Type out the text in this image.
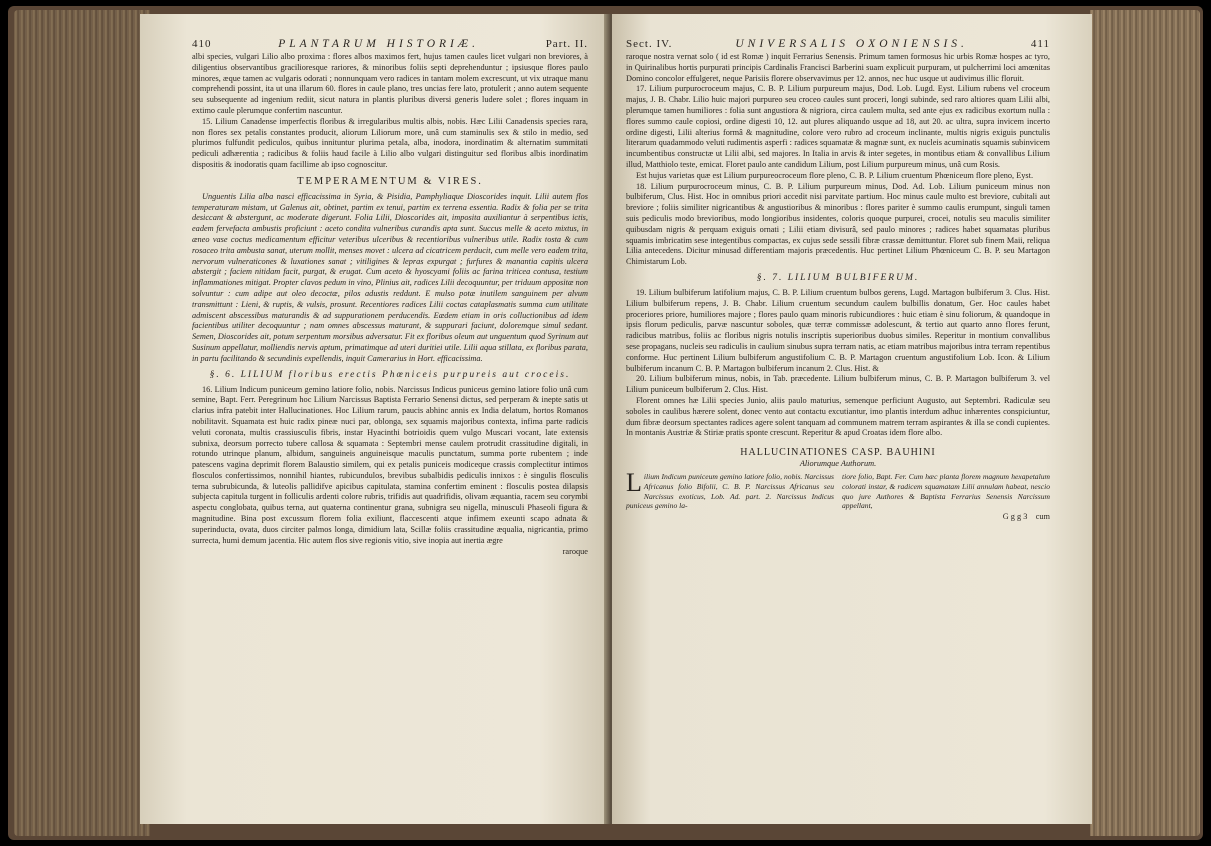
410	PLANTARUM HISTORIÆ.	Part. II.

albi species, vulgari Lilio albo proxima : flores albos maximos fert, hujus tamen caules licet vulgari non breviores, à diligentius observantibus gracilioresque rariores, & minoribus foliis septi deprehenduntur ; ipsiusque flores paulo minores, æque tamen ac vulgaris odorati ; nonnunquam vero radices in tantam molem excrescunt, ut vix utraque manu comprehendi possint, ita ut una illarum 60. flores in caule plano, tres uncias fere lato, protulerit ; anno autem sequente seu subsequente ad ingenium rediit, sicut natura in plantis pluribus diversi generis ludere solet ; flores inquam in extimo caule plerumque confertim nascuntur.

15. Lilium Canadense imperfectis floribus & irregularibus multis albis, nobis. Hæc Lilii Canadensis species rara, non flores sex petalis constantes producit, aliorum Liliorum more, unâ cum staminulis sex & stilo in medio, sed plurimos fulfundit pediculos, quibus innituntur plurima petala, alba, inodora, inordinatim & alternatim summitati pediculi adhærentia ; radicibus & foliis haud facile à Lilio albo vulgari distinguitur sed floribus albis inordinatim dispositis & inodoratis quam facillime ab ipso cognoscitur.

TEMPERAMENTUM & VIRES.

Unguentis Lilia alba nasci efficacissima in Syria, & Pisidia, Pamphyliaque Dioscorides inquit. Lilii autem flos temperaturam mistam, ut Galenus ait, obtinet, partim ex tenui, partim ex terrena essentia. Radix & folia per se trita desiccant & abstergunt, ac moderate digerunt. Folia Lilii, Dioscorides ait, imposita auxiliantur à serpentibus ictis, eadem fervefacta ambustis proficiunt : aceto condita vulneribus curandis apta sunt. Succus melle & aceto mixtus, in æneo vase coctus medicamentum efficitur veteribus ulceribus & recentioribus vulneribus utile. Radix tosta & cum rosaceo trita ambusta sanat, uterum mollit, menses movet : ulcera ad cicatricem perducit, cum melle vero eadem trita, nervorum vulneraticones & luxationes sanat ; vitiligines & lepras expurgat ; furfures & manantia capitis ulcera abstergit ; faciem nitidam facit, purgat, & erugat. Cum aceto & hyoscyami foliis ac farina triticea contusa, testium inflammationes mitigat. Propter clavos pedum in vino, Plinius ait, radices Lilii decoquuntur, per triduum appositæ non solvuntur : cum adipe aut oleo decoctæ, pilos adustis reddunt. E mulso potæ inutilem sanguinem per alvum transmittunt : Lieni, & ruptis, & vulsis, prosunt. Recentiores radices Lilii coctas cataplasmatis summa cum utilitate admiscent abscessibus maturandis & ad suppurationem perducendis. Eædem etiam in oris colluctionibus ad idem facientibus utiliter decoquuntur ; nam omnes abscessus maturant, & suppurari faciunt, doloremque simul sedant. Semen, Dioscorides ait, potum serpentum morsibus adversatur. Fit ex floribus oleum aut unguentum quod Syrinum aut Susinum appellatur, molliendis nervis aptum, primatimque ad uteri duritiei utile. Lilii aqua stillata, ex floribus parata, in partu facilitando & secundinis expellendis, inquit Camerarius in Hort. efficacissima.

§. 6. LILIUM floribus erectis Phœniceis purpureis aut croceis.

16. Lilium Indicum puniceum gemino latiore folio, nobis. Narcissus Indicus puniceus gemino latiore folio unâ cum semine, Bapt. Ferr. Peregrinum hoc Lilium Narcissus Baptista Ferrario Senensi dictus, sed perperam & inepte satis ut clarius infra patebit inter Hallucinationes. Hoc Lilium rarum, paucis abhinc annis ex India delatum, hortos Romanos nobilitavit. Squamata est huic radix pineæ nuci par, oblonga, sex squamis majoribus contexta, infima parte radicis veluti coronata, multis crassiusculis fibris, instar Hyacinthi botrioidis quem vulgo Muscari vocant, late extensis subnixa, deorsum porrecto tubere callosa & squamata : Septembri mense caulem protrudit crassitudine digitali, in rotundo utrinque planum, albidum, sanguineis anguineisque maculis punctatum, summa porte rubentem ; inde patescens vagina deprimit florem Balaustio similem, qui ex petalis puniceis modiceque crassis complectitur intimos flosculos confertissimos, nonnihil hiantes, rubicundulos, brevibus subalbidis pediculis innixos : è singulis flosculis terna subrubicunda, & luteolis pallidifve apicibus capitulata, stamina confertim eminent : flosculis postea dilapsis subjecta capitula turgent in folliculis ardenti colore rubris, trifidis aut quadrifidis, olivam æquantia, racem seu corymbi aspectu conglobata, quibus terna, aut quaterna continentur grana, subnigra seu nigella, minusculi Phaseoli figura & magnitudine. Bina post excussum florem folia exiliunt, flaccescenti atque infimem exeunti scapo adnata & superinducta, ovata, duos circiter palmos longa, dimidium lata, Scillæ foliis crassitudine æqualia, nigricantia, primo surrecta, humi demum jacentia. Hic autem flos sive regionis vitio, sive inopia aut inertia ægre

raroque
Sect. IV.	UNIVERSALIS OXONIENSIS.	411

raroque nostra vernat solo ( id est Romæ ) inquit Ferrarius Senensis. Primum tamen formosus hic urbis Romæ hospes ac tyro, in Quirinalibus hortis purpurati principis Cardinalis Francisci Barberini suam explicuit purpuram, ut pulcherrimi loci amœnitas Domino concolor effulgeret, neque Parisiis florere observavimus per 12. annos, nec huc usque ut audivimus illic floruit.

17. Lilium purpurocroceum majus, C. B. P. Lilium purpureum majus, Dod. Lob. Lugd. Eyst. Lilium rubens vel croceum majus, J. B. Chabr. Lilio huic majori purpureo seu croceo caules sunt proceri, longi subinde, sed raro altiores quam Lilii albi, plerumque tamen humiliores : folia sunt angustiora & nigriora, circa caulem multa, sed ante ejus ex radicibus exortum nulla : flores summo caule copiosi, ordine digesti 10, 12. aut plures aliquando usque ad 18, aut 20. ac ultra, supra invicem incerto ordine digesti, Lilii alterius formâ & magnitudine, colore vero rubro ad croceum inclinante, multis nigris exiguis punctulis literarum quadammodo veluti rudimentis asperfi : radices squamatæ & magnæ sunt, ex nucleis acuminatis squamis subinvicem incumbentibus constructæ ut Lilii albi, sed majores. In Italia in arvis & inter segetes, in montibus etiam & convallibus Lilium illud, Matthiolo teste, emicat. Floret paulo ante candidum Lilium, post Lilium purpureum minus, unâ cum Rosis.

Est hujus varietas quæ est Lilium purpureocroceum flore pleno, C. B. P. Lilium cruentum Phœniceum flore pleno, Eyst.

18. Lilium purpurocroceum minus, C. B. P. Lilium purpureum minus, Dod. Ad. Lob. Lilium puniceum minus non bulbiferum, Clus. Hist. Hoc in omnibus priori accedit nisi parvitate partium. Hoc minus caule multo est breviore, cubitali aut breviore ; foliis similiter nigricantibus & angustioribus & minoribus : flores pariter è summo caulis erumpunt, singuli tamen suis pediculis modo brevioribus, modo longioribus insidentes, coloris quoque purpurei, crocei, notulis seu maculis similiter quibusdam nigris & perquam exiguis ornati ; Lilii etiam divisurâ, sed paulo minores ; radices habet squamatas pluribus squamis imbricatim sese integentibus compactas, ex cujus sede sessili fibræ crassæ demittuntur. Floret sub finem Maii, reliqua Lilia antecedens. Dicitur minusad differentiam majoris præcedentis. Huc pertinet Lilium Phœniceum C. B. P. seu Martagon Chimistarum Lob.

§. 7. LILIUM BULBIFERUM.

19. Lilium bulbiferum latifolium majus, C. B. P. Lilium cruentum bulbos gerens, Lugd. Martagon bulbiferum 3. Clus. Hist. Lilium bulbiferum repens, J. B. Chabr. Lilium cruentum secundum caulem bulbillis donatum, Ger. Hoc caules habet proceriores priore, humiliores majore ; flores paulo quam minoris rubicundiores : huic etiam è sinu foliorum, & quandoque in ipsis florum pediculis, parvæ nascuntur soboles, quæ terræ commissæ adolescunt, & tertio aut quarto anno flores ferunt, radicibus matribus, foliis ac floribus nigris notulis inscriptis superioribus duobus similes. Reperitur in montium convallibus sese propagans, nucleis seu radiculis in caulium sinubus supra terram natis, ac etiam matribus majoribus intra terram repentibus conforme. Huc pertinent Lilium bulbiferum angustifolium C. B. P. Martagon cruentum angustifolium Lob. Icon. & Lilium bulbiferum incanum C. B. P. Martagon bulbiferum incanum 2. Clus. Hist. &

20. Lilium bulbiferum minus, nobis, in Tab. præcedente. Lilium bulbiferum minus, C. B. P. Martagon bulbiferum 3. vel Lilium puniceum bulbiferum 2. Clus. Hist.

Florent omnes hæ Lilii species Junio, aliis paulo maturius, semenque perficiunt Augusto, aut Septembri. Radiculæ seu soboles in caulibus hærere solent, donec vento aut contactu excutiantur, imo plantis interdum adhuc inhærentes conspiciuntur, dum fibræ deorsum spectantes radices agere solent tanquam ad communem matrem terram aspirantes & illa se condi cupientes. In montanis Austriæ & Stiriæ pratis sponte crescunt. Reperitur & apud Croatas idem flore albo.

HALLUCINATIONES CASP. BAUHINI
Aliorumque Authorum.

Lilium Indicum puniceum gemino latiore folio, nobis. Narcissus Africanus folio Bifolii, C. B. P. Narcissus Africanus seu Narcissus exoticus, Lob. Ad. part. 2. Narcissus Indicus puniceus gemino la-

tiore folio, Bapt. Fer. Cum hæc planta florem magnum hexapetalum colorati instar, & radicem squamatam Lilii annulam habeat, nescio quo jure Authores & Baptista Ferrarius Senensis Narcissum appellant,

G g g 3 cum
